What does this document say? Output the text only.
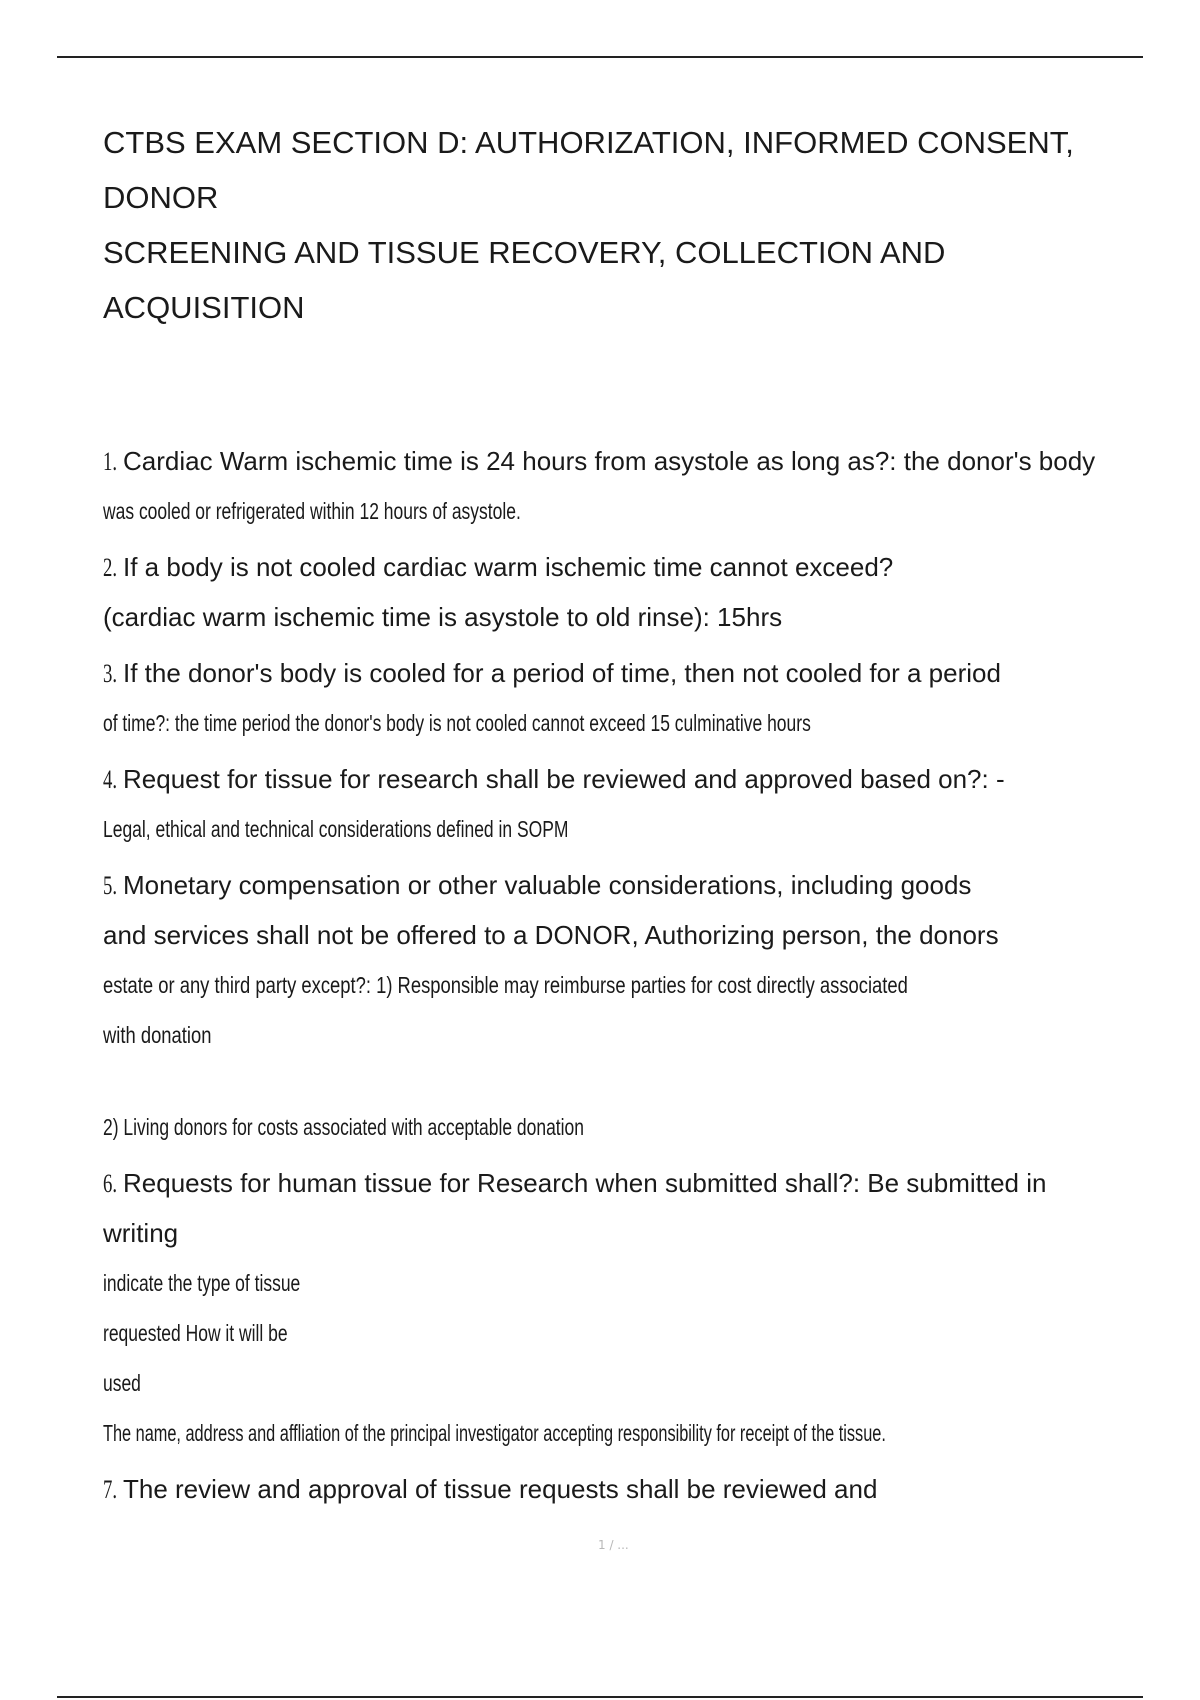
CTBS EXAM SECTION D: AUTHORIZATION, INFORMED CONSENT,
DONOR
SCREENING AND TISSUE RECOVERY, COLLECTION AND
ACQUISITION
1. Cardiac Warm ischemic time is 24 hours from asystole as long as?: the donor's body
was cooled or refrigerated within 12 hours of asystole.
2. If a body is not cooled cardiac warm ischemic time cannot exceed?
(cardiac warm ischemic time is asystole to old rinse): 15hrs
3. If the donor's body is cooled for a period of time, then not cooled for a period
of time?: the time period the donor's body is not cooled cannot exceed 15 culminative hours
4. Request for tissue for research shall be reviewed and approved based on?: -
Legal, ethical and technical considerations defined in SOPM
5. Monetary compensation or other valuable considerations, including goods
and services shall not be offered to a DONOR, Authorizing person, the donors
estate or any third party except?: 1) Responsible may reimburse parties for cost directly associated
with donation
2) Living donors for costs associated with acceptable donation
6. Requests for human tissue for Research when submitted shall?: Be submitted in
writing
indicate the type of tissue
requested How it will be
used
The name, address and affliation of the principal investigator accepting responsibility for receipt of the tissue.
7. The review and approval of tissue requests shall be reviewed and
1 / ...
